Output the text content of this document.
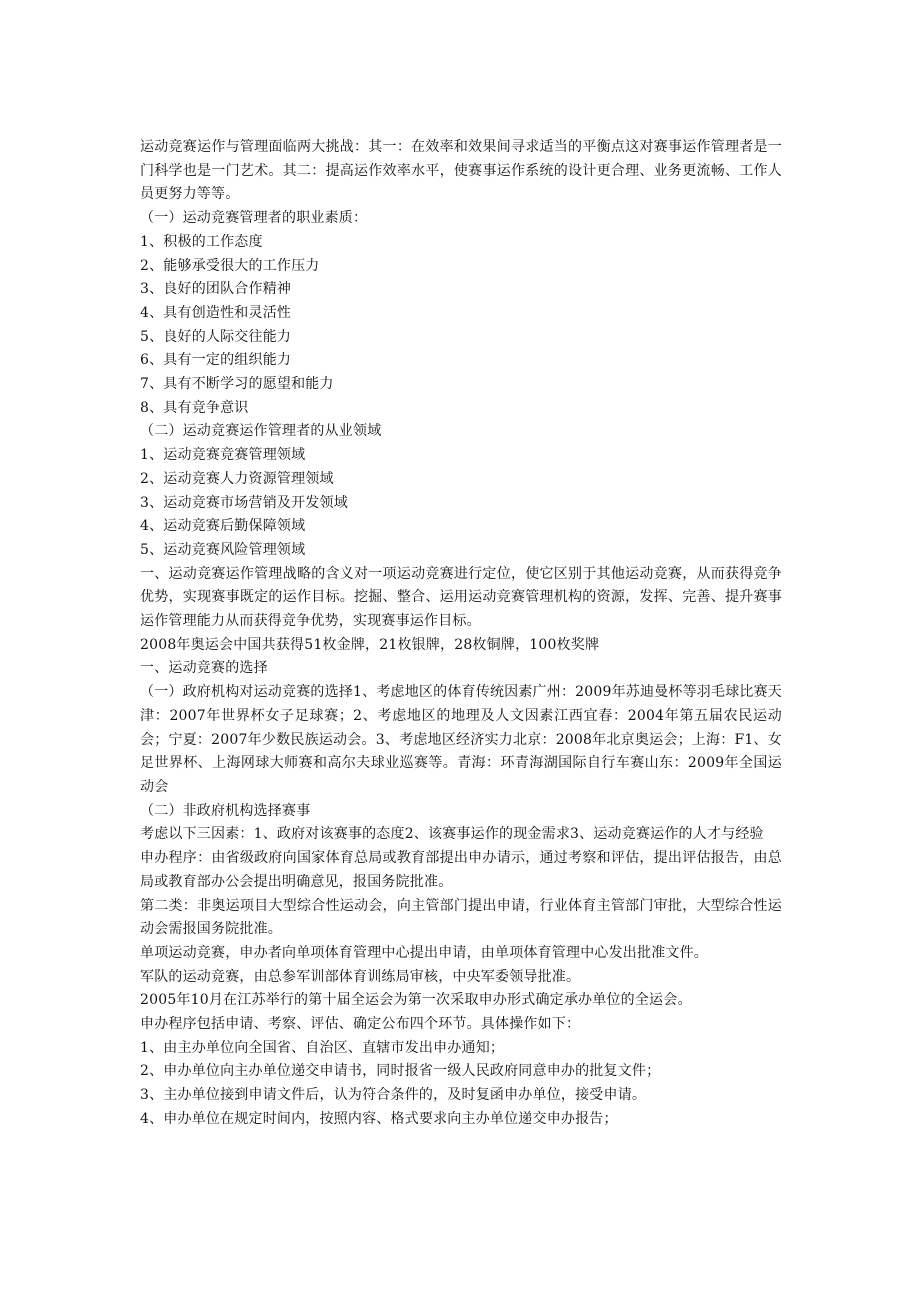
运动竞赛运作与管理面临两大挑战：其一：在效率和效果间寻求适当的平衡点这对赛事运作管理者是一门科学也是一门艺术。其二：提高运作效率水平，使赛事运作系统的设计更合理、业务更流畅、工作人员更努力等等。

（一）运动竞赛管理者的职业素质：

1、积极的工作态度

2、能够承受很大的工作压力

3、良好的团队合作精神

4、具有创造性和灵活性

5、良好的人际交往能力

6、具有一定的组织能力

7、具有不断学习的愿望和能力

8、具有竞争意识

（二）运动竞赛运作管理者的从业领域

1、运动竞赛竞赛管理领域

2、运动竞赛人力资源管理领域

3、运动竞赛市场营销及开发领域

4、运动竞赛后勤保障领域

5、运动竞赛风险管理领域

一、运动竞赛运作管理战略的含义对一项运动竞赛进行定位，使它区别于其他运动竞赛，从而获得竞争优势，实现赛事既定的运作目标。挖掘、整合、运用运动竞赛管理机构的资源，发挥、完善、提升赛事运作管理能力从而获得竞争优势，实现赛事运作目标。

2008年奥运会中国共获得51枚金牌，21枚银牌，28枚铜牌，100枚奖牌

一、运动竞赛的选择

（一）政府机构对运动竞赛的选择1、考虑地区的体育传统因素广州：2009年苏迪曼杯等羽毛球比赛天津：2007年世界杯女子足球赛；2、考虑地区的地理及人文因素江西宜春：2004年第五届农民运动会；宁夏：2007年少数民族运动会。3、考虑地区经济实力北京：2008年北京奥运会；上海：F1、女足世界杯、上海网球大师赛和高尔夫球业巡赛等。青海：环青海湖国际自行车赛山东：2009年全国运动会

（二）非政府机构选择赛事

考虑以下三因素：1、政府对该赛事的态度2、该赛事运作的现金需求3、运动竞赛运作的人才与经验

申办程序：由省级政府向国家体育总局或教育部提出申办请示，通过考察和评估，提出评估报告，由总局或教育部办公会提出明确意见，报国务院批准。

第二类：非奥运项目大型综合性运动会，向主管部门提出申请，行业体育主管部门审批，大型综合性运动会需报国务院批准。

单项运动竞赛，申办者向单项体育管理中心提出申请，由单项体育管理中心发出批准文件。

军队的运动竞赛，由总参军训部体育训练局审核，中央军委领导批准。

2005年10月在江苏举行的第十届全运会为第一次采取申办形式确定承办单位的全运会。

申办程序包括申请、考察、评估、确定公布四个环节。具体操作如下：

1、由主办单位向全国省、自治区、直辖市发出申办通知；

2、申办单位向主办单位递交申请书，同时报省一级人民政府同意申办的批复文件；

3、主办单位接到申请文件后，认为符合条件的，及时复函申办单位，接受申请。

4、申办单位在规定时间内，按照内容、格式要求向主办单位递交申办报告；
